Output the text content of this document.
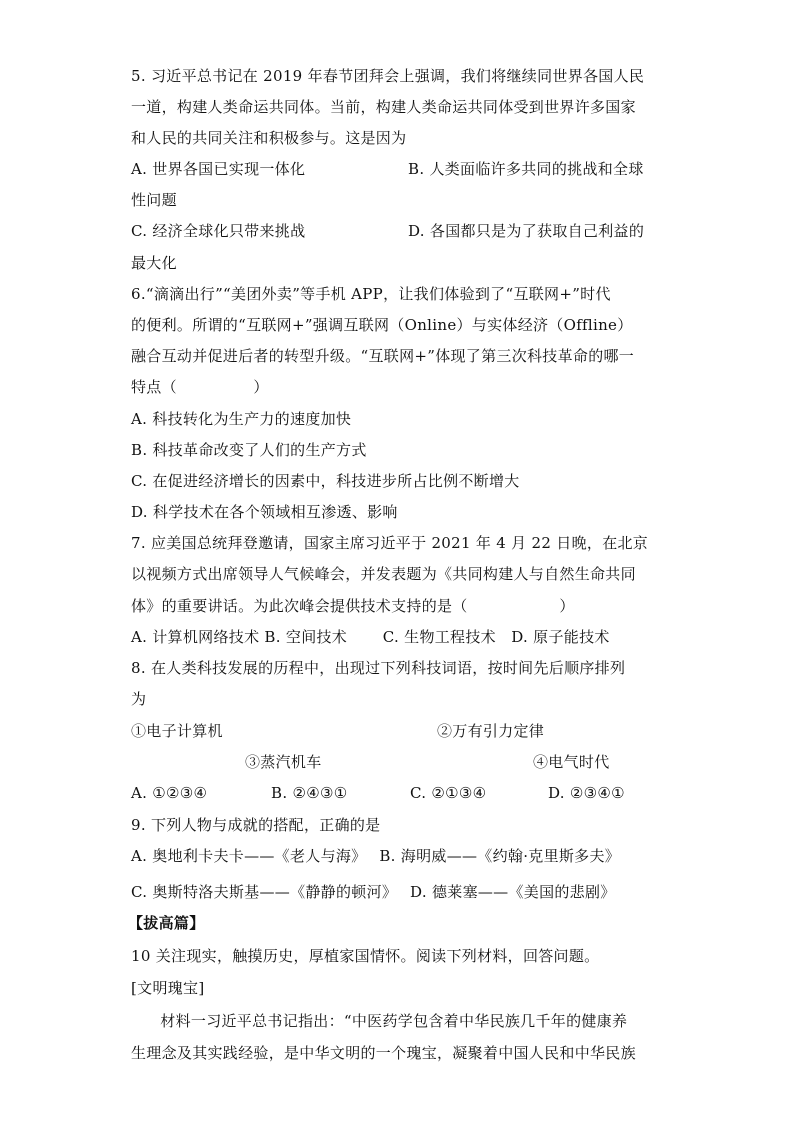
5. 习近平总书记在 2019 年春节团拜会上强调，我们将继续同世界各国人民
一道，构建人类命运共同体。当前，构建人类命运共同体受到世界许多国家
和人民的共同关注和积极参与。这是因为
A. 世界各国已实现一体化	B. 人类面临许多共同的挑战和全球
性问题
C. 经济全球化只带来挑战	D. 各国都只是为了获取自己利益的
最大化
6.“滴滴出行”“美团外卖”等手机 APP，让我们体验到了“互联网+”时代
的便利。所谓的“互联网+”强调互联网（Online）与实体经济（Offline）
融合互动并促进后者的转型升级。“互联网+”体现了第三次科技革命的哪一
特点（　　　　　）
A. 科技转化为生产力的速度加快
B. 科技革命改变了人们的生产方式
C. 在促进经济增长的因素中，科技进步所占比例不断增大
D. 科学技术在各个领域相互渗透、影响
7. 应美国总统拜登邀请，国家主席习近平于 2021 年 4 月 22 日晚，在北京
以视频方式出席领导人气候峰会，并发表题为《共同构建人与自然生命共同
体》的重要讲话。为此次峰会提供技术支持的是（　　　　　　）
A. 计算机网络技术 B. 空间技术　　 C. 生物工程技术　D. 原子能技术
8. 在人类科技发展的历程中，出现过下列科技词语，按时间先后顺序排列
为
①电子计算机	②万有引力定律
③蒸汽机车	④电气时代
A. ①②③④	B. ②④③①	C. ②①③④	D. ②③④①
9. 下列人物与成就的搭配，正确的是
A. 奥地利卡夫卡——《老人与海》　 B. 海明威——《约翰·克里斯多夫》
C. 奥斯特洛夫斯基——《静静的顿河》　 D. 德莱塞——《美国的悲剧》
【拔高篇】
10 关注现实，触摸历史，厚植家国情怀。阅读下列材料，回答问题。
[文明瑰宝]
　材料一习近平总书记指出：“中医药学包含着中华民族几千年的健康养
生理念及其实践经验，是中华文明的一个瑰宝，凝聚着中国人民和中华民族
